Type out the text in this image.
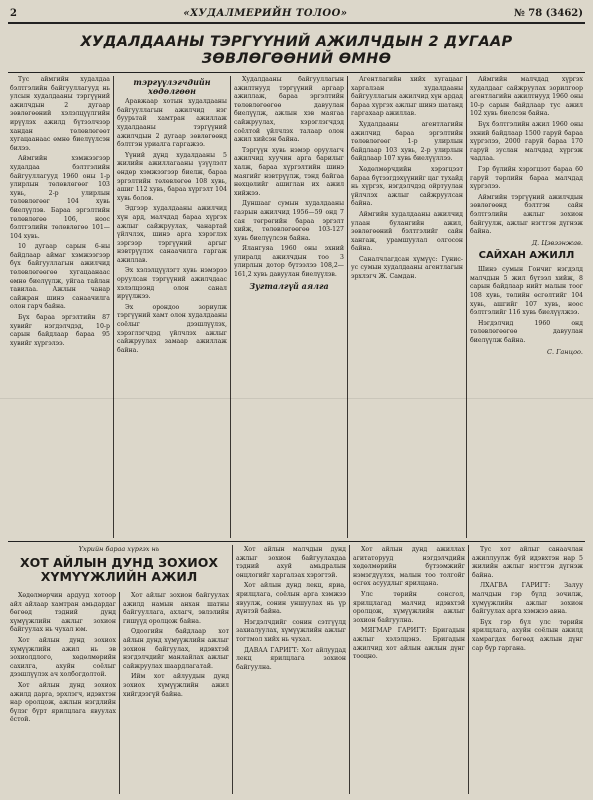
2	«ХУДАЛМЕРИЙН ТОЛОО»	№ 78 (3462)
ХУДАЛДААНЫ ТЭРГҮҮНИЙ АЖИЛЧДЫН 2 ДУГААР
ЗӨВЛӨГӨӨНИЙ ӨМНӨ

Тус аймгийн худалдаа бэлтгэлийн байгууллагууд нь улсын худалдааны тэргүүний ажилчдын 2 дугаар зөвлөгөөний хэлэлцүүлгийн ирүүлэх ажилд бүтээлчээр хандан төлөвлөгөөт хугацаанаас өмнө биелүүлсэн билээ.

Аймгийн хэмжээгээр худалдаа бэлтгэлийн байгууллагууд 1960 оны 1-р улирлын төлөвлөгөөг 103 хувь, 2-р улирлын төлөвлөгөөг 104 хувь биелүүлэв. Бараа эргэлтийн төлөвлөгөө 106, ноос бэлтгэлийн төлөвлөгөө 101—104 хувь.

10 дугаар сарын 6-ны байдлаар аймаг хэмжээгээр бүх байгууллагын ажилчид төлөвлөгөөгөө хугацаанаас өмнө биелүүлж, уйгаа тайлан тавилаа. Ажлын чанар сайжран шинэ санаачилга олон гарч байна.

Бүх бараа эргэлтийн 87 хувийг нэгдэлчдэд, 10-р сарын байдлаар бараа 95 хувийг хүргэлээ.

тэргүүлэгчдийн хөдөлгөөн

Аравжаар хотын худалдааны байгууллагын ажилчид нэг буурьтай хамтран ажиллаж худалдааны тэргүүний ажилчдын 2 дугаар зөвлөгөөнд бэлтгэн уриалга гаргажээ.

Үүний дүнд худалдааны 5 жилийн ажиллагааны үзүүлэлт өндөр хэмжээгээр биелж, бараа эргэлтийн төлөвлөгөө 108 хувь, ашиг 112 хувь, бараа хүргэлт 104 хувь болов.

Эдгээр худалдааны ажилчид хүн ард, малчдад бараа хүргэх ажлыг сайжруулах, чанартай үйлчлэх, шинэ арга хэрэглэх зэргээр тэргүүний аргыг нэвтрүүлэх санаачилга гаргаж ажиллав.

Эх хэлэлцүүлэгт хувь нэмэрээ оруулсан тэргүүний ажилчдаас хэлэлцээнд олон санал ирүүлжээ.

Эх орондоо зориулж тэргүүний хамт олон худалдааны соёлыг дээшлүүлэх, хэрэглэгчдэд үйлчлэх ажлыг сайжруулах замаар ажиллаж байна.

Худалдааны байгууллагын ажилтнууд тэргүүний аргаар ажиллаж, бараа эргэлтийн төлөвлөгөөгөө давуулан биелүүлж, ажлын хэв маягаа сайжруулах, хэрэглэгчдэд соёлтой үйлчлэх талаар олон ажил хийсэн байна.

Тэргүүн хувь нэмэр оруулагч ажилчид хуучин арга барилыг халж, бараа хүргэлтийн шинэ маягийг нэвтрүүлж, тэнд байгаа нөхцөлийг ашиглан их ажил хийжээ.

Дуншааг сумын худалдааны газрын ажилчид 1956—59 онд 7 сая төгрөгийн бараа эргэлт хийж, төлөвлөгөөгөө 103-127 хувь биелүүлсэн байна.

Ялангуяа 1960 оны эхний улиралд ажилчдын тоо 3 улирлын дотор бүтээлээ 108,2—161,2 хувь давуулан биелүүлэв.

Зугталгүй аялга

Агентлагийн хийх хугацааг харгалзан худалдааны байгууллагын ажилчид хүн ардад бараа хүргэх ажлыг шинэ шатанд гаргахаар ажиллав.

Худалдааны агентлагийн ажилчид бараа эргэлтийн төлөвлөгөөг 1-р улирлын байдлаар 103 хувь, 2-р улирлын байдлаар 107 хувь биелүүллээ.

Хөдөлмөрчдийн хэрэгцээт бараа бүтээгдэхүүнийг цаг тухайд нь хүргэх, нэгдэлчдэд ойртуулан үйлчлэх ажлыг сайжруулсан байна.

Аймгийн худалдааны ажилчид улаан булангийн ажил, зөвлөгөөний бэлтгэлийг сайн хангаж, урамшуулал олгосон байна.

Саналчлагдсан хүмүүс: Гунис-ус сумын худалдааны агентлагын эрхлэгч Ж. Самдан.

Аймгийн малчдад хүргэх худалдааг сайжруулах зорилгоор агентлагийн ажилтнууд 1960 оны 10-р сарын байдлаар тус ажил 102 хувь биелсэн байна.

Бүх бэлтгэлийн ажил 1960 оны эхний байдлаар 1500 гаруй бараа хүргэлээ, 2000 гаруй бараа 170 гаруй зуслан малчдад хүргэж чадлаа.

Гэр бүлийн хэрэгцээт бараа 60 гаруй төрлийн бараа малчдад хүргэлээ.

Аймгийн тэргүүний ажилчдын зөвлөгөөнд бэлтгэн сайн бэлтгэлийн ажлыг зохион байгуулж, ажлыг нэгтгэн дүгнэж байна.

Д. Цэвээнжав.
САЙХАН АЖИЛЛ

Шинэ сумын Гончиг нэгдэлд малчдын 5 жил бүтээл хийж, 8 сарын байдлаар нийт малын тоог 108 хувь, төлийн өсгөлтийг 104 хувь, ашгийг 107 хувь, ноос бэлтгэлийг 116 хувь биелүүлжээ.

Нэгдэлчид 1960 онд төлөвлөгөөгөө давуулан биелүүлж байна.

С. Ганцоо.
Үхрийн бараа хүргэх нь
ХОТ АЙЛЫН ДУНД ЗОХИОХ
ХҮМҮҮЖЛИЙН АЖИЛ

Хөдөлмөрчин ардууд хотоор айл айлаар хамтран амьдардаг бөгөөд тэдний дунд хүмүүжлийн ажлыг зохион байгуулах нь чухал юм.

Хот айлын дунд зохиох хүмүүжлийн ажил нь эв зохиолдлого, хөдөлмөрийн сахилга, ахуйн соёлыг дээшлүүлэх ач холбогдолтой.

Хот айлын дунд зохиох ажилд дарга, эрхлэгч, идэвхтэн нар оролцож, ажлын нэгдлийн бүлэг бүрт ярилцлага явуулах ёстой.

Хот айлыг зохион байгуулах ажилд намын анхан шатны байгууллага, ахлагч, эвлэлийн гишүүд оролцож байна.

Одоогийн байдлаар хот айлын дунд хүмүүжлийн ажлыг зохион байгуулах, идэвхтэй нэгдэлчдийг манлайлах ажлыг сайжруулах шаардлагатай.

Ийм хот айлуудын дунд зохиох хүмүүжлийн ажил хийгдээгүй байна.

Хот айлын малчдын дунд ажлыг зохион байгуулахдаа тэдний ахуй амьдралын онцлогийг харгалзах хэрэгтэй.

Хот айлын дунд лекц, яриа, ярилцлага, соёлын арга хэмжээ явуулж, сонин уншуулах нь үр дүнтэй байна.

Нэгдэлчдийг сонин сэтгүүлд захиалуулах, хүмүүжлийн ажлыг тогтмол хийх нь чухал.

ДАВАА ГАРИГТ: Хот айлуудад лекц ярилцлага зохион байгуулна.

Хот айлын дунд ажиллах агитаторууд нэгдэлчдийн хөдөлмөрийн бүтээмжийг нэмэгдүүлэх, малын тоо толгойг өсгөх асуудлыг ярилцана.

Улс төрийн сонсгол, ярилцлагад малчид идэвхтэй оролцож, хүмүүжлийн ажлыг зохион байгуулна.

МЯГМАР ГАРИГТ: Бригадын ажлыг хэлэлцэнэ. Бригадын ажилчид хот айлын ажлын дүнг тооцно.

Тус хот айлыг санаачлан ажиллуулж буй идэвхтэн нар 5 жилийн ажлыг нэгтгэн дүгнэж байна.

ЛХАГВА ГАРИГТ: Залуу малчдын гэр бүлд зочилж, хүмүүжлийн ажлыг зохион байгуулах арга хэмжээ авна.

Бүх гэр бүл улс төрийн ярилцлага, ахуйн соёлын ажилд хамрагдах бөгөөд ажлын дүнг сар бүр гаргана.
